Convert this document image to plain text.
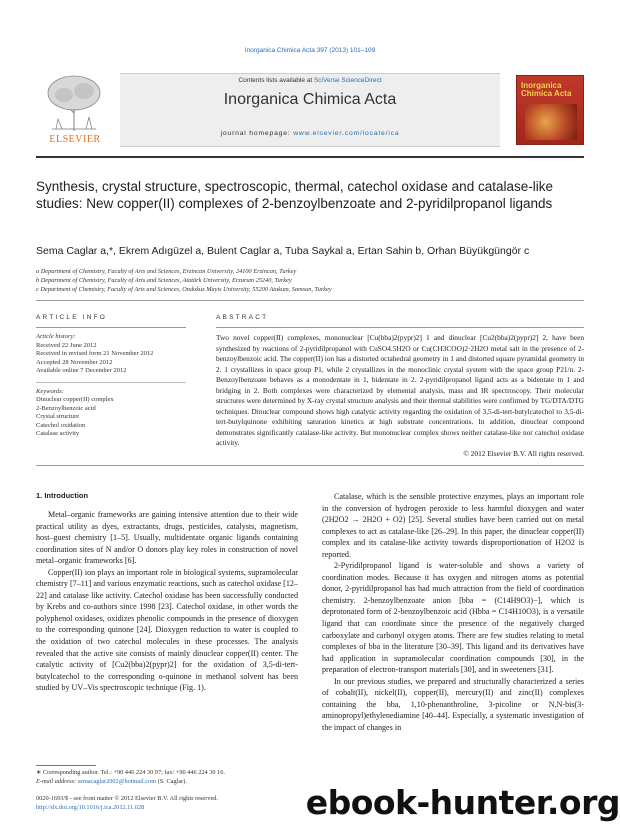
Inorganica Chimica Acta 397 (2013) 101–109
ELSEVIER
Contents lists available at SciVerse ScienceDirect
Inorganica Chimica Acta
journal homepage: www.elsevier.com/locate/ica
Inorganica Chimica Acta
Synthesis, crystal structure, spectroscopic, thermal, catechol oxidase and catalase-like studies: New copper(II) complexes of 2-benzoylbenzoate and 2-pyridilpropanol ligands
Sema Caglar a,*, Ekrem Adıgüzel a, Bulent Caglar a, Tuba Saykal a, Ertan Sahin b, Orhan Büyükgüngör c
a Department of Chemistry, Faculty of Arts and Sciences, Erzincan University, 24100 Erzincan, Turkey
b Department of Chemistry, Faculty of Arts and Sciences, Atatürk University, Erzurum 25240, Turkey
c Department of Chemistry, Faculty of Arts and Sciences, Ondokuz Mayis University, 55200 Atakum, Samsun, Turkey
ARTICLE INFO
Article history:
Received 22 June 2012
Received in revised form 21 November 2012
Accepted 28 November 2012
Available online 7 December 2012
Keywords:
Dinuclear copper(II) complex
2-Benzoylbenzoic acid
Crystal structure
Catechol oxidation
Catalase activity
ABSTRACT
Two novel copper(II) complexes, mononuclear [Cu(bba)2(pypr)2] 1 and dinuclear [Cu2(bba)2(pypr)2] 2, have been synthesized by reactions of 2-pyridilpropanol with CuSO4.5H2O or Cu(CH3COO)2·2H2O metal salt in the presence of 2-benzoylbenzoic acid. The copper(II) ion has a distorted octahedral geometry in 1 and distorted square pyramidal geometry in 2. 1 crystallizes in space group P1, while 2 crystallizes in the monoclinic crystal system with the space group P21/n. 2-Benzoylbenzoate behaves as a monodentate in 1, bidentate in 2. 2-pyridilpropanol ligand acts as a bidentate in 1 and bridging in 2. Both complexes were characterized by elemental analysis, mass and IR spectroscopy. Their molecular structures were determined by X-ray crystal structure analysis and their thermal stabilities were confirmed by TG/DTA/DTG techniques. Dinuclear compound shows high catalytic activity regarding the oxidation of 3,5-di-tert-butylcatechol to 3,5-di-tert-butylquinone exhibiting saturation kinetics at high substrate concentrations. In addition, dinuclear compound demonstrates significantly catalase-like activity. But mononuclear complex shows neither catalase-like nor catechol oxidase activity.
© 2012 Elsevier B.V. All rights reserved.
1. Introduction

Metal–organic frameworks are gaining intensive attention due to their wide practical utility as dyes, extractants, drugs, pesticides, catalysts, magnetism, host–guest chemistry [1–5]. Usually, multidentate organic ligands containing coordination sites of N and/or O donors play key roles in construction of novel metal–organic frameworks [6].

Copper(II) ion plays an important role in biological systems, supramolecular chemistry [7–11] and various enzymatic reactions, such as catechol oxidase [12–22] and catalase like activity. Catechol oxidase has been successfully conducted by Krebs and co-authors since 1998 [23]. Catechol oxidase, in other words the polyphenol oxidases, oxidizes phenolic compounds in the presence of dioxygen to the corresponding quinone [24]. Dioxygen reduction to water is coupled to the oxidation of two catechol molecules in these processes. The analysis revealed that the active site consists of mainly dinuclear copper(II) center. The catalytic activity of [Cu2(bba)2(pypr)2] for the oxidation of 3,5-di-tert-butylcatechol to the corresponding o-quinone in methanol solvent has been studied by UV–Vis spectroscopic technique (Fig. 1).

Catalase, which is the sensible protective enzymes, plays an important role in the conversion of hydrogen peroxide to less harmful dioxygen and water (2H2O2 → 2H2O + O2) [25]. Several studies have been carried out on metal complexes to act as catalase-like [26–29]. In this paper, the dinuclear copper(II) complex and its catalase-like activity towards disproportionation of H2O2 is reported.

2-Pyridilpropanol ligand is water-soluble and shows a variety of coordination modes. Because it has oxygen and nitrogen atoms as potential donor, 2-pyridilpropanol has had much attraction from the field of coordination chemistry. 2-benzoylbenzoate anion [bba = (C14H9O3)−], which is deprotonated form of 2-benzoylbenzoic acid (Hbba = C14H10O3), is a versatile ligand that can coordinate since the presence of the negatively charged carboxylate and carbonyl oxygen atoms. There are few studies relating to metal complexes of bba in the literature [30–39]. This ligand and its derivatives have had application in supramolecular coordination compounds [30], in the preparation of electron-transport materials [30], and in sweeteners [31].

In our previous studies, we prepared and structurally characterized a series of cobalt(II), nickel(II), copper(II), mercury(II) and zinc(II) complexes containing the bba, 1,10-phenanthroline, 3-picoline or N,N-bis(3-aminopropyl)ethylenediamine [40–44]. Especially, a systematic investigation of the impact of changes in

∗ Corresponding author. Tel.: +90 446 224 30 97; fax: +90 446 224 30 16.
E-mail address: semacaglar2002@hotmail.com (S. Caglar).
0020-1693/$ - see front matter © 2012 Elsevier B.V. All rights reserved.
http://dx.doi.org/10.1016/j.ica.2012.11.028	ebook-hunter.org
